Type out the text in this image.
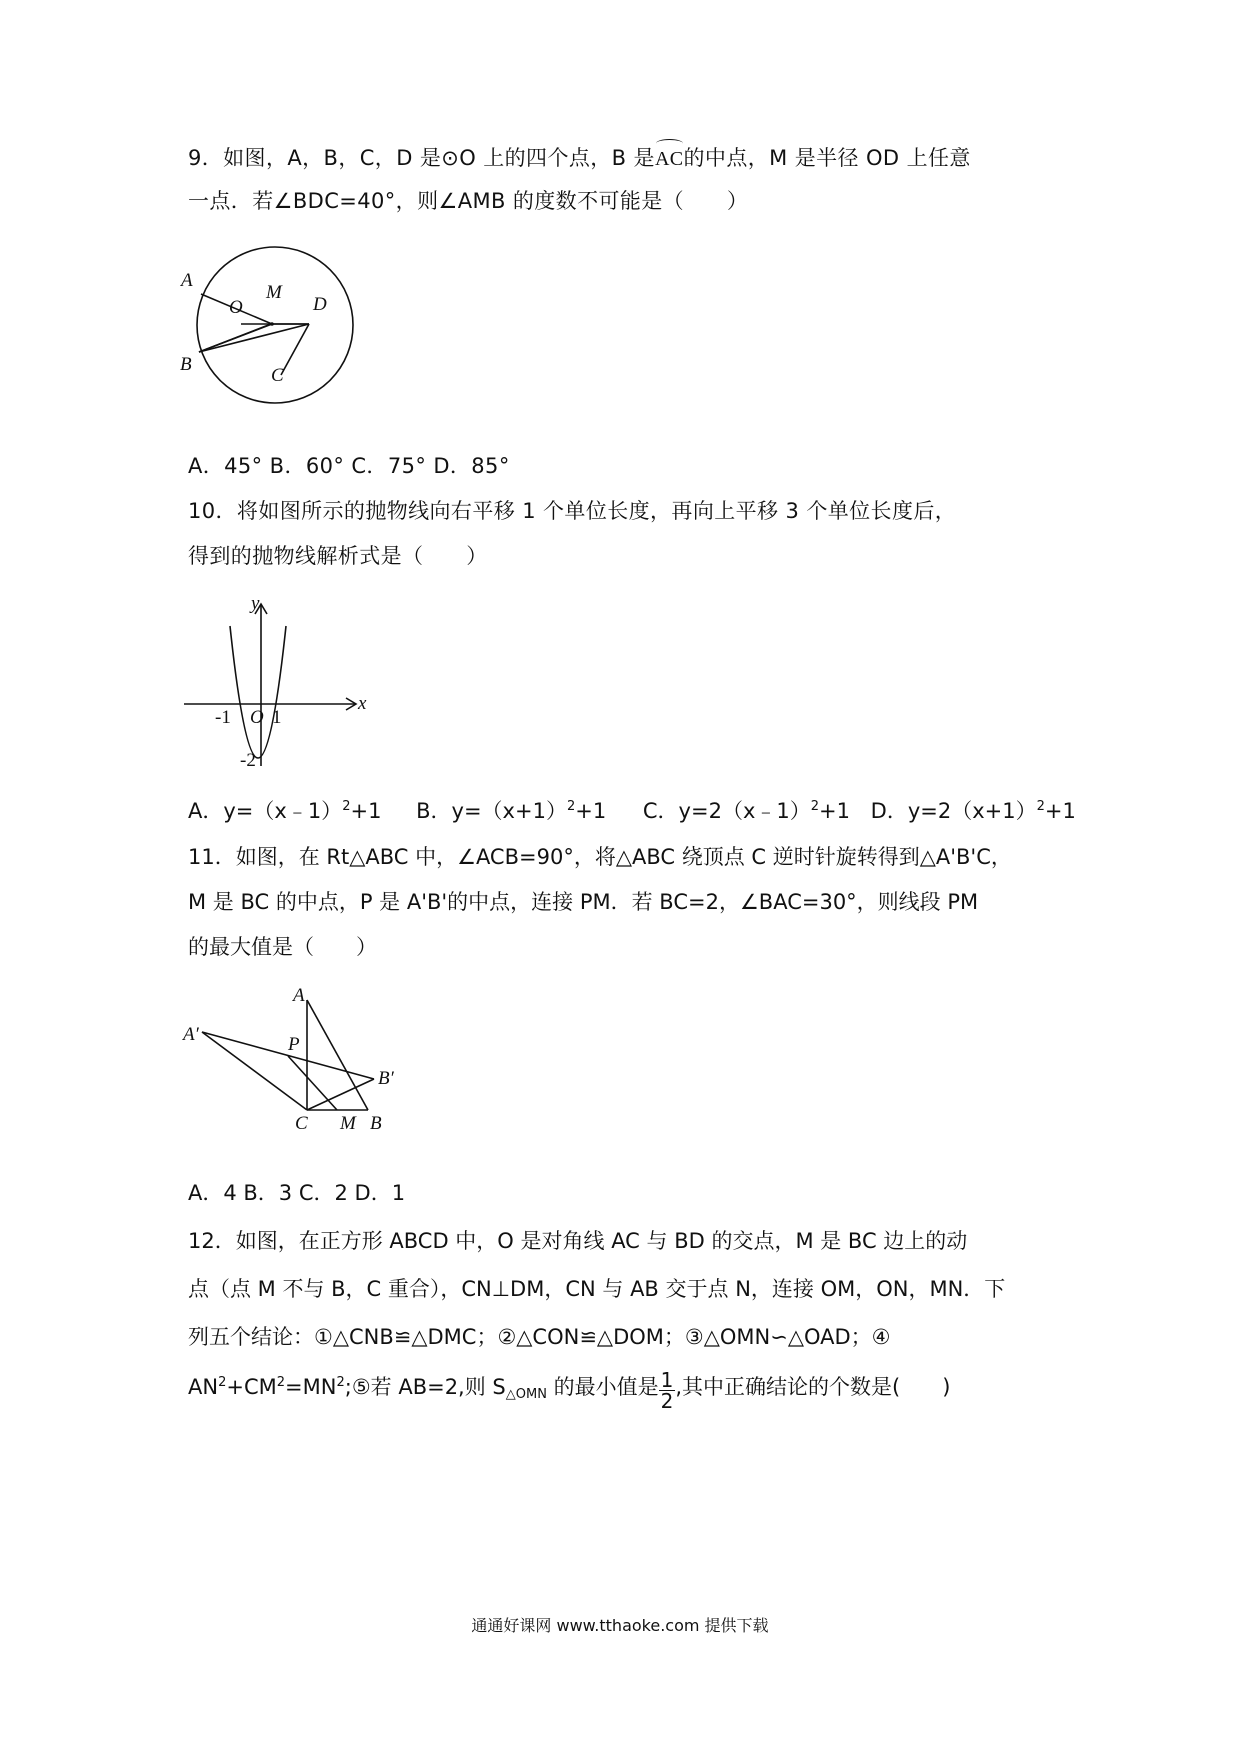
9．如图，A，B，C，D 是⊙O 上的四个点，B 是AC的中点，M 是半径 OD 上任意
一点．若∠BDC=40°，则∠AMB 的度数不可能是（　　）
A
O
M
D
B
C
A．45° B．60° C．75° D．85°
10．将如图所示的抛物线向右平移 1 个单位长度，再向上平移 3 个单位长度后，
得到的抛物线解析式是（　　）
y
x
O
-1 1
-2
A．y=（x﹣1）$^2$+1 B．$y=(x+1)^2+1$ C．y=2（x﹣1）$^2$+1 D．$y=2(x+1)^2+1$
11．如图，在 Rt△ABC 中，∠ACB=90°，将△ABC 绕顶点 C 逆时针旋转得到△A'B'C，
M 是 BC 的中点，P 是 A'B'的中点，连接 PM．若 BC=2，∠BAC=30°，则线段 PM
的最大值是（　　）
A
A′	P
B′
C M B
A．4 B．3 C．2 D．1
12．如图，在正方形 ABCD 中，O 是对角线 AC 与 BD 的交点，M 是 BC 边上的动
点（点 M 不与 B，C 重合），CN⊥DM，CN 与 AB 交于点 N，连接 OM，ON，MN．下
列五个结论：①△CNB≌△DMC；②△CON≌△DOM；③△OMN∽△OAD；④
$AN^2+CM^2=MN^2;⑤$若 AB=2,则 $S_{\triangle OMN}$ 的最小值是 $\frac{1}{2}$ ,其中正确结论的个数是(　　)
通通好课网 www.tthaoke.com 提供下载
